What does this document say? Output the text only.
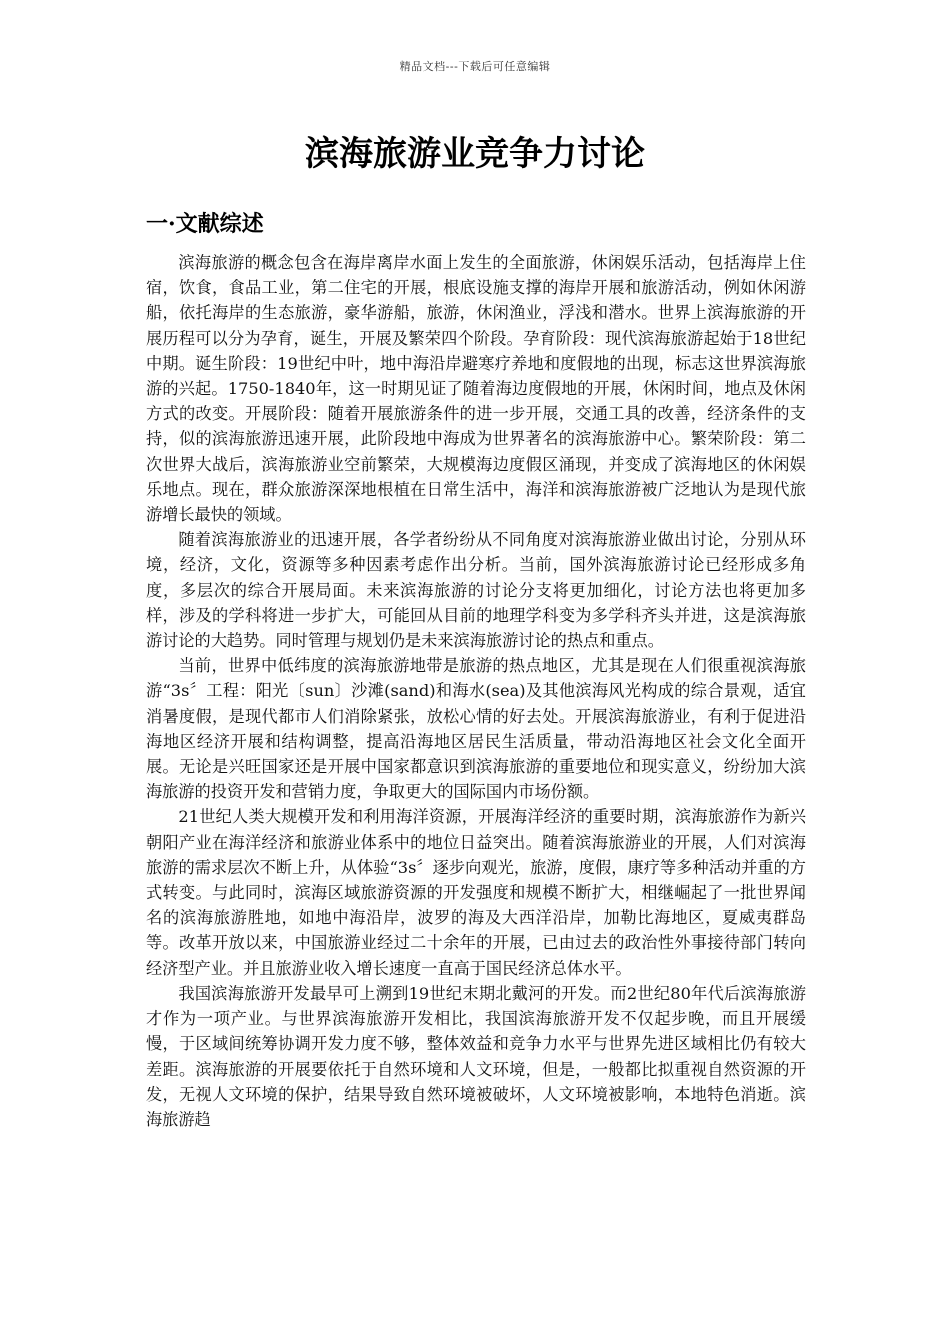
精品文档---下载后可任意编辑
滨海旅游业竞争力讨论
一·文献综述

滨海旅游的概念包含在海岸离岸水面上发生的全面旅游，休闲娱乐活动，包括海岸上住宿，饮食，食品工业，第二住宅的开展，根底设施支撑的海岸开展和旅游活动，例如休闲游船，依托海岸的生态旅游，豪华游船，旅游，休闲渔业，浮浅和潜水。世界上滨海旅游的开展历程可以分为孕育，诞生，开展及繁荣四个阶段。孕育阶段：现代滨海旅游起始于18世纪中期。诞生阶段：19世纪中叶，地中海沿岸避寒疗养地和度假地的出现，标志这世界滨海旅游的兴起。1750-1840年，这一时期见证了随着海边度假地的开展，休闲时间，地点及休闲方式的改变。开展阶段：随着开展旅游条件的进一步开展，交通工具的改善，经济条件的支持，似的滨海旅游迅速开展，此阶段地中海成为世界著名的滨海旅游中心。繁荣阶段：第二次世界大战后，滨海旅游业空前繁荣，大规模海边度假区涌现，并变成了滨海地区的休闲娱乐地点。现在，群众旅游深深地根植在日常生活中，海洋和滨海旅游被广泛地认为是现代旅游增长最快的领域。

随着滨海旅游业的迅速开展，各学者纷纷从不同角度对滨海旅游业做出讨论，分别从环境，经济，文化，资源等多种因素考虑作出分析。当前，国外滨海旅游讨论已经形成多角度，多层次的综合开展局面。未来滨海旅游的讨论分支将更加细化，讨论方法也将更加多样，涉及的学科将进一步扩大，可能回从目前的地理学科变为多学科齐头并进，这是滨海旅游讨论的大趋势。同时管理与规划仍是未来滨海旅游讨论的热点和重点。

当前，世界中低纬度的滨海旅游地带是旅游的热点地区，尤其是现在人们很重视滨海旅游“3s〞工程：阳光〔sun〕沙滩(sand)和海水(sea)及其他滨海风光构成的综合景观，适宜消暑度假，是现代都市人们消除紧张，放松心情的好去处。开展滨海旅游业，有利于促进沿海地区经济开展和结构调整，提高沿海地区居民生活质量，带动沿海地区社会文化全面开展。无论是兴旺国家还是开展中国家都意识到滨海旅游的重要地位和现实意义，纷纷加大滨海旅游的投资开发和营销力度，争取更大的国际国内市场份额。

21世纪人类大规模开发和利用海洋资源，开展海洋经济的重要时期，滨海旅游作为新兴朝阳产业在海洋经济和旅游业体系中的地位日益突出。随着滨海旅游业的开展，人们对滨海旅游的需求层次不断上升，从体验“3s〞逐步向观光，旅游，度假，康疗等多种活动并重的方式转变。与此同时，滨海区域旅游资源的开发强度和规模不断扩大，相继崛起了一批世界闻名的滨海旅游胜地，如地中海沿岸，波罗的海及大西洋沿岸，加勒比海地区，夏威夷群岛等。改革开放以来，中国旅游业经过二十余年的开展，已由过去的政治性外事接待部门转向经济型产业。并且旅游业收入增长速度一直高于国民经济总体水平。

我国滨海旅游开发最早可上溯到19世纪末期北戴河的开发。而2世纪80年代后滨海旅游才作为一项产业。与世界滨海旅游开发相比，我国滨海旅游开发不仅起步晚，而且开展缓慢，于区域间统筹协调开发力度不够，整体效益和竞争力水平与世界先进区域相比仍有较大差距。滨海旅游的开展要依托于自然环境和人文环境，但是，一般都比拟重视自然资源的开发，无视人文环境的保护，结果导致自然环境被破坏，人文环境被影响，本地特色消逝。滨海旅游趋
